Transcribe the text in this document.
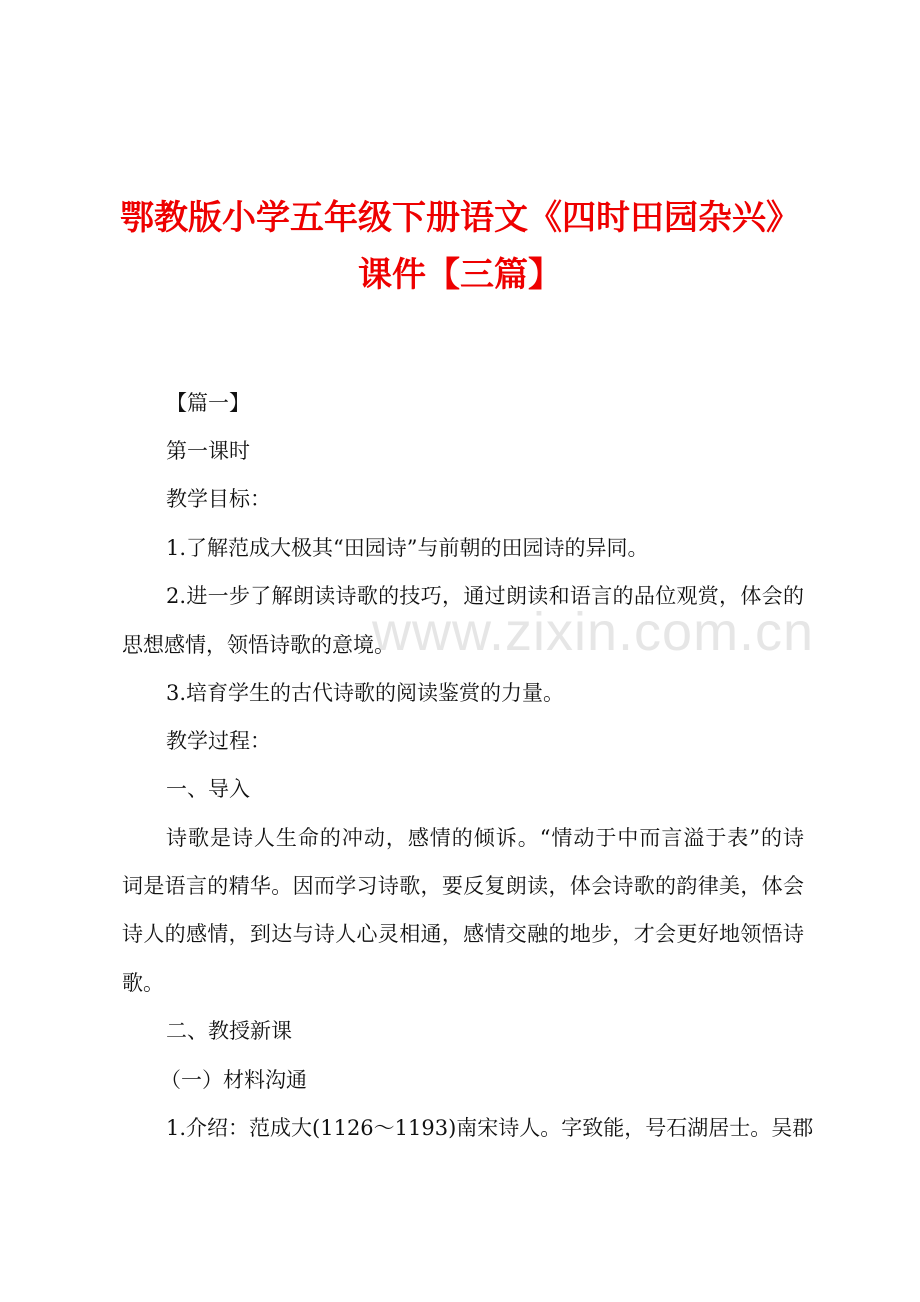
鄂教版小学五年级下册语文《四时田园杂兴》
课件【三篇】
www.zixin.com.cn
【篇一】
第一课时
教学目标：
1.了解范成大极其“田园诗”与前朝的田园诗的异同。
2.进一步了解朗读诗歌的技巧，通过朗读和语言的品位观赏，体会的
思想感情，领悟诗歌的意境。
3.培育学生的古代诗歌的阅读鉴赏的力量。
教学过程：
一、导入
诗歌是诗人生命的冲动，感情的倾诉。“情动于中而言溢于表”的诗
词是语言的精华。因而学习诗歌，要反复朗读，体会诗歌的韵律美，体会
诗人的感情，到达与诗人心灵相通，感情交融的地步，才会更好地领悟诗
歌。
二、教授新课
（一）材料沟通
1.介绍：范成大(1126～1193)南宋诗人。字致能，号石湖居士。吴郡
